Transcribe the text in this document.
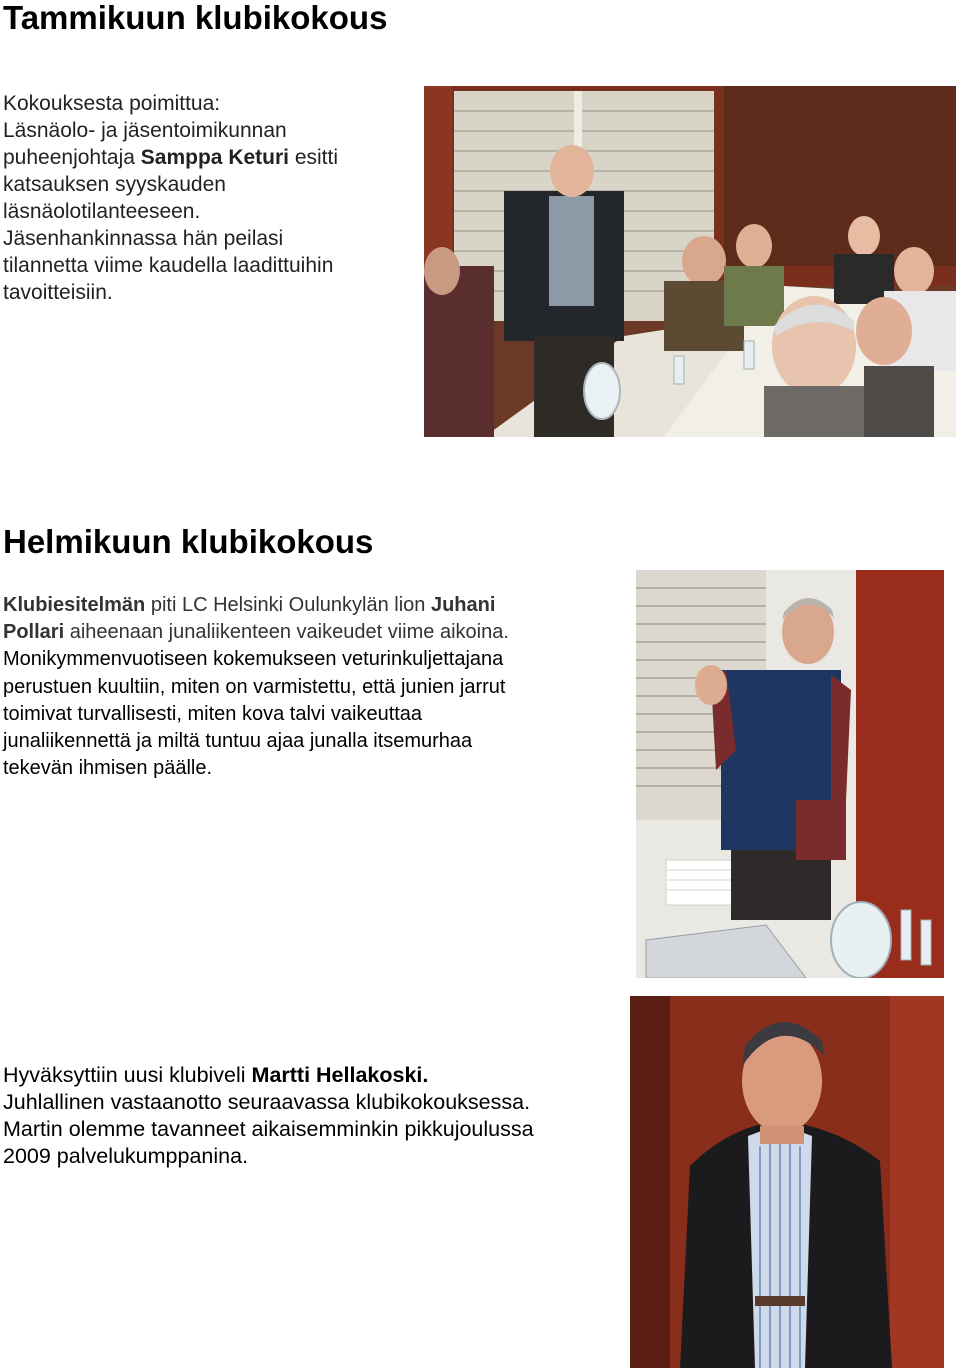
Tammikuun klubikokous

Kokouksesta poimittua:

Läsnäolo- ja jäsentoimikunnan

puheenjohtaja Samppa Keturi esitti

katsauksen syyskauden

läsnäolotilanteeseen.

Jäsenhankinnassa hän peilasi

tilannetta viime kaudella laadittuihin

tavoitteisiin.

Helmikuun klubikokous

Klubiesitelmän piti LC Helsinki Oulunkylän lion Juhani

Pollari aiheenaan junaliikenteen vaikeudet viime aikoina.

Monikymmenvuotiseen kokemukseen veturinkuljettajana

perustuen kuultiin, miten on varmistettu, että junien jarrut

toimivat turvallisesti, miten kova talvi vaikeuttaa

junaliikennettä ja miltä tuntuu ajaa junalla itsemurhaa

tekevän ihmisen päälle.

Hyväksyttiin uusi klubiveli Martti Hellakoski.

Juhlallinen vastaanotto seuraavassa klubikokouksessa.

Martin olemme tavanneet aikaisemminkin pikkujoulussa

2009 palvelukumppanina.
